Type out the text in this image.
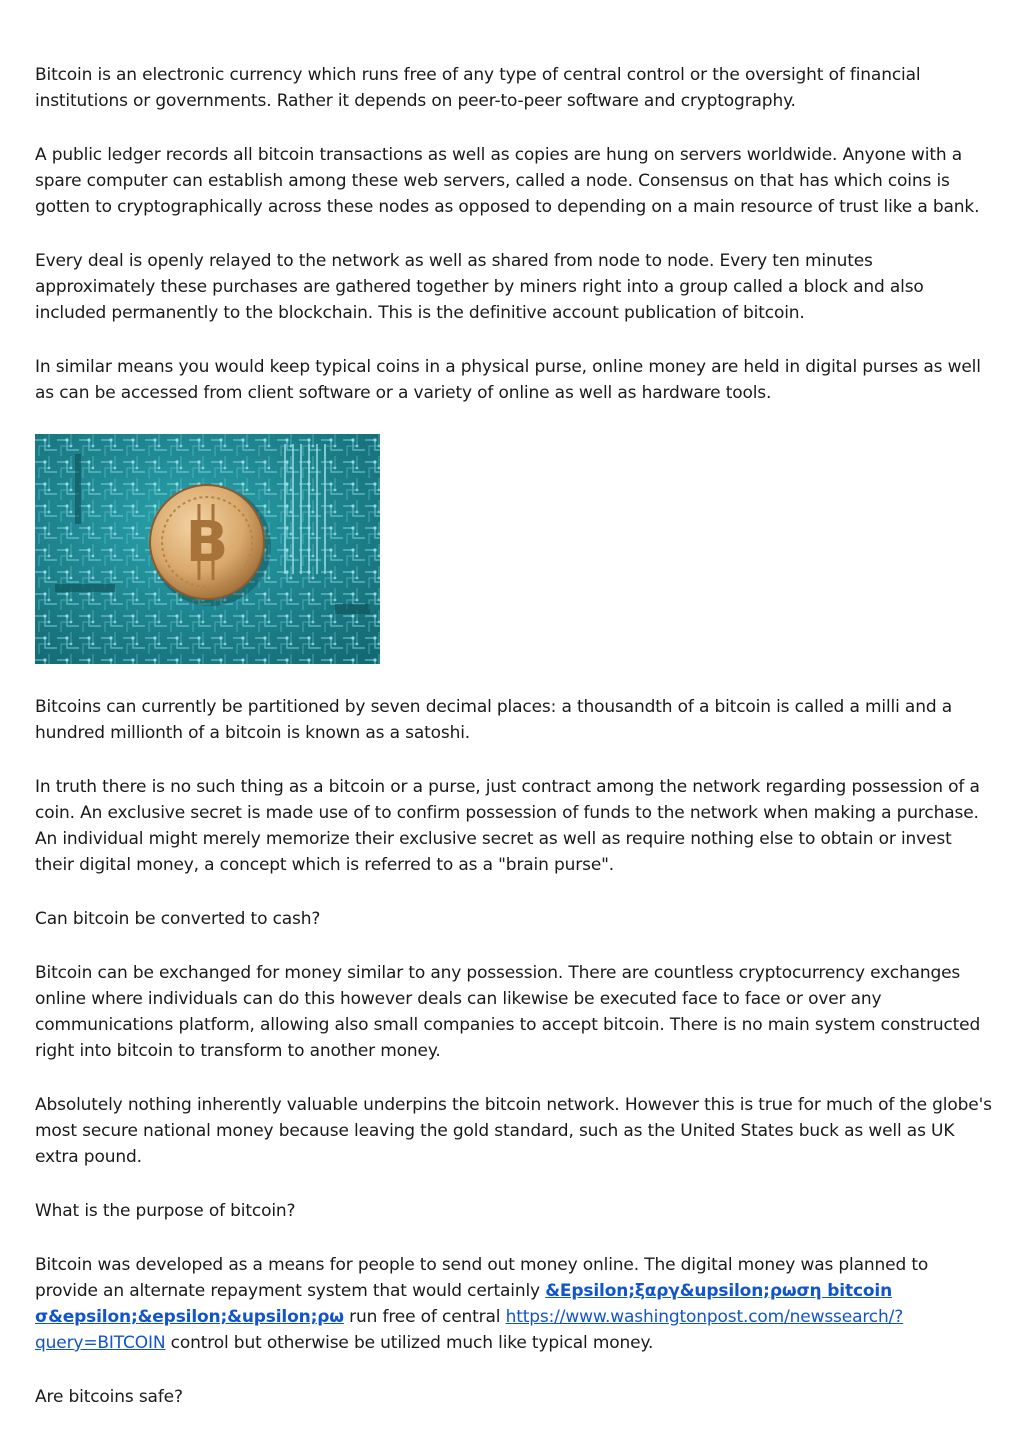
Bitcoin is an electronic currency which runs free of any type of central control or the oversight of financial institutions or governments. Rather it depends on peer-to-peer software and cryptography.

A public ledger records all bitcoin transactions as well as copies are hung on servers worldwide. Anyone with a spare computer can establish among these web servers, called a node. Consensus on that has which coins is gotten to cryptographically across these nodes as opposed to depending on a main resource of trust like a bank.

Every deal is openly relayed to the network as well as shared from node to node. Every ten minutes approximately these purchases are gathered together by miners right into a group called a block and also included permanently to the blockchain. This is the definitive account publication of bitcoin.

In similar means you would keep typical coins in a physical purse, online money are held in digital purses as well as can be accessed from client software or a variety of online as well as hardware tools.

B

Bitcoins can currently be partitioned by seven decimal places: a thousandth of a bitcoin is called a milli and a hundred millionth of a bitcoin is known as a satoshi.

In truth there is no such thing as a bitcoin or a purse, just contract among the network regarding possession of a coin. An exclusive secret is made use of to confirm possession of funds to the network when making a purchase. An individual might merely memorize their exclusive secret as well as require nothing else to obtain or invest their digital money, a concept which is referred to as a "brain purse".

Can bitcoin be converted to cash?

Bitcoin can be exchanged for money similar to any possession. There are countless cryptocurrency exchanges online where individuals can do this however deals can likewise be executed face to face or over any communications platform, allowing also small companies to accept bitcoin. There is no main system constructed right into bitcoin to transform to another money.

Absolutely nothing inherently valuable underpins the bitcoin network. However this is true for much of the globe's most secure national money because leaving the gold standard, such as the United States buck as well as UK extra pound.

What is the purpose of bitcoin?

Bitcoin was developed as a means for people to send out money online. The digital money was planned to provide an alternate repayment system that would certainly &Epsilon;ξαργ&upsilon;ρωση bitcoin σ&epsilon;&epsilon;&upsilon;ρω run free of central https://www.washingtonpost.com/newssearch/?query=BITCOIN control but otherwise be utilized much like typical money.

Are bitcoins safe?
